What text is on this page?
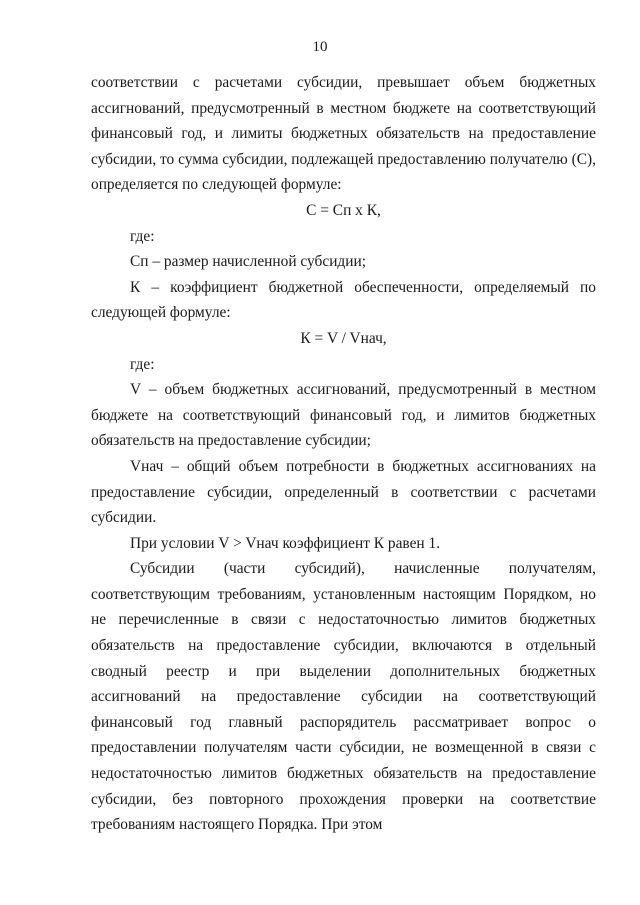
10

соответствии с расчетами субсидии, превышает объем бюджетных ассигнований, предусмотренный в местном бюджете на соответствующий финансовый год, и лимиты бюджетных обязательств на предоставление субсидии, то сумма субсидии, подлежащей предоставлению получателю (С), определяется по следующей формуле:

С = Сп x К,

где:

Сп – размер начисленной субсидии;

К – коэффициент бюджетной обеспеченности, определяемый по следующей формуле:

К = V / Vнач,

где:

V – объем бюджетных ассигнований, предусмотренный в местном бюджете на соответствующий финансовый год, и лимитов бюджетных обязательств на предоставление субсидии;

Vнач – общий объем потребности в бюджетных ассигнованиях на предоставление субсидии, определенный в соответствии с расчетами субсидии.

При условии V > Vнач коэффициент К равен 1.

Субсидии (части субсидий), начисленные получателям, соответствующим требованиям, установленным настоящим Порядком, но не перечисленные в связи с недостаточностью лимитов бюджетных обязательств на предоставление субсидии, включаются в отдельный сводный реестр и при выделении дополнительных бюджетных ассигнований на предоставление субсидии на соответствующий финансовый год главный распорядитель рассматривает вопрос о предоставлении получателям части субсидии, не возмещенной в связи с недостаточностью лимитов бюджетных обязательств на предоставление субсидии, без повторного прохождения проверки на соответствие требованиям настоящего Порядка. При этом
